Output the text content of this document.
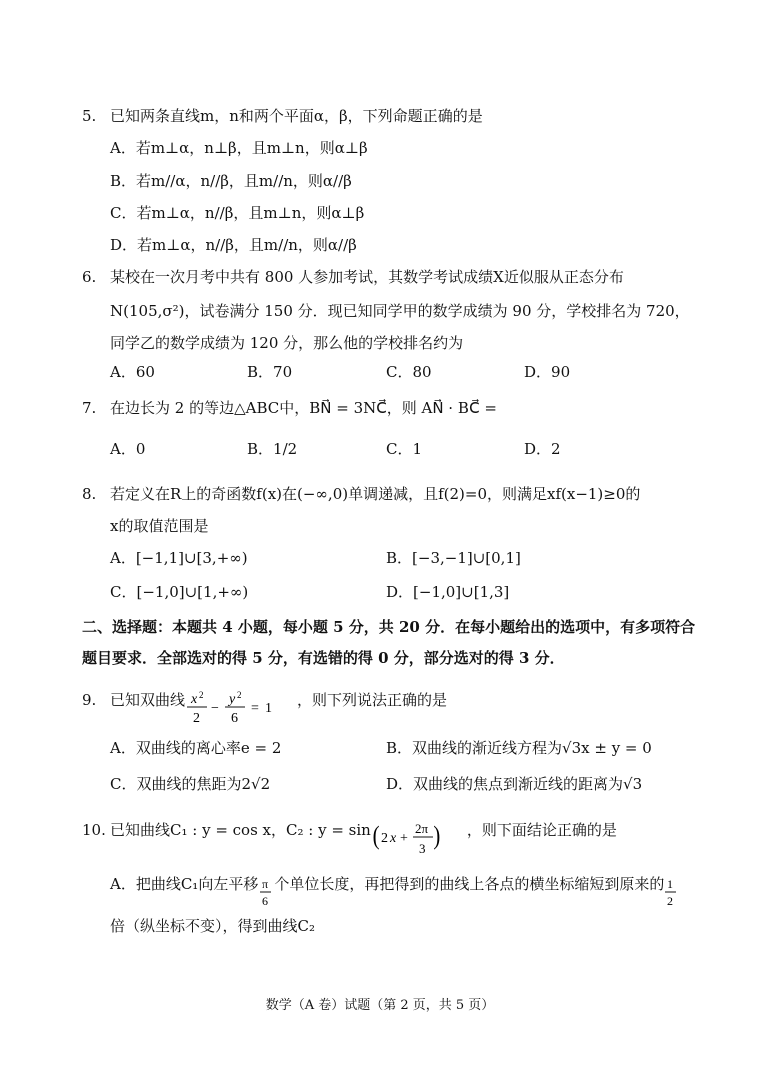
5. 已知两条直线m，n和两个平面α，β，下列命题正确的是
A．若m⊥α，n⊥β，且m⊥n，则α⊥β
B．若m//α，n//β，且m//n，则α//β
C．若m⊥α，n//β，且m⊥n，则α⊥β
D．若m⊥α，n//β，且m//n，则α//β
6. 某校在一次月考中共有 800 人参加考试，其数学考试成绩X近似服从正态分布
N(105,σ²)，试卷满分 150 分．现已知同学甲的数学成绩为 90 分，学校排名为 720，
同学乙的数学成绩为 120 分，那么他的学校排名约为
A．60	B．70	C．80	D．90
7. 在边长为 2 的等边△ABC中，BN⃗ = 3NC⃗，则 AN⃗ · BC⃗ =
A．0	B．1/2	C．1	D．2
8. 若定义在R上的奇函数f(x)在(−∞,0)单调递减，且f(2)=0，则满足xf(x−1)≥0的
x的取值范围是
A．[−1,1]∪[3,+∞)	B．[−3,−1]∪[0,1]
C．[−1,0]∪[1,+∞)	D．[−1,0]∪[1,3]
二、选择题：本题共 4 小题，每小题 5 分，共 20 分．在每小题给出的选项中，有多项符合
题目要求．全部选对的得 5 分，有选错的得 0 分，部分选对的得 3 分．
9. 已知双曲线 x 2
2
−
y 2
6
= 1 ，则下列说法正确的是
A．双曲线的离心率e = 2	B．双曲线的渐近线方程为√3x ± y = 0
C．双曲线的焦距为2√2	D．双曲线的焦点到渐近线的距离为√3
10. 已知曲线C₁ : y = cos x，C₂ : y = sin ( 2 x +
2π
3 ) ，则下面结论正确的是
A．把曲线C₁向左平移 π
6
个单位长度，再把得到的曲线上各点的横坐标缩短到原来的 1
2
倍（纵坐标不变），得到曲线C₂
数学（A 卷）试题（第 2 页，共 5 页）
